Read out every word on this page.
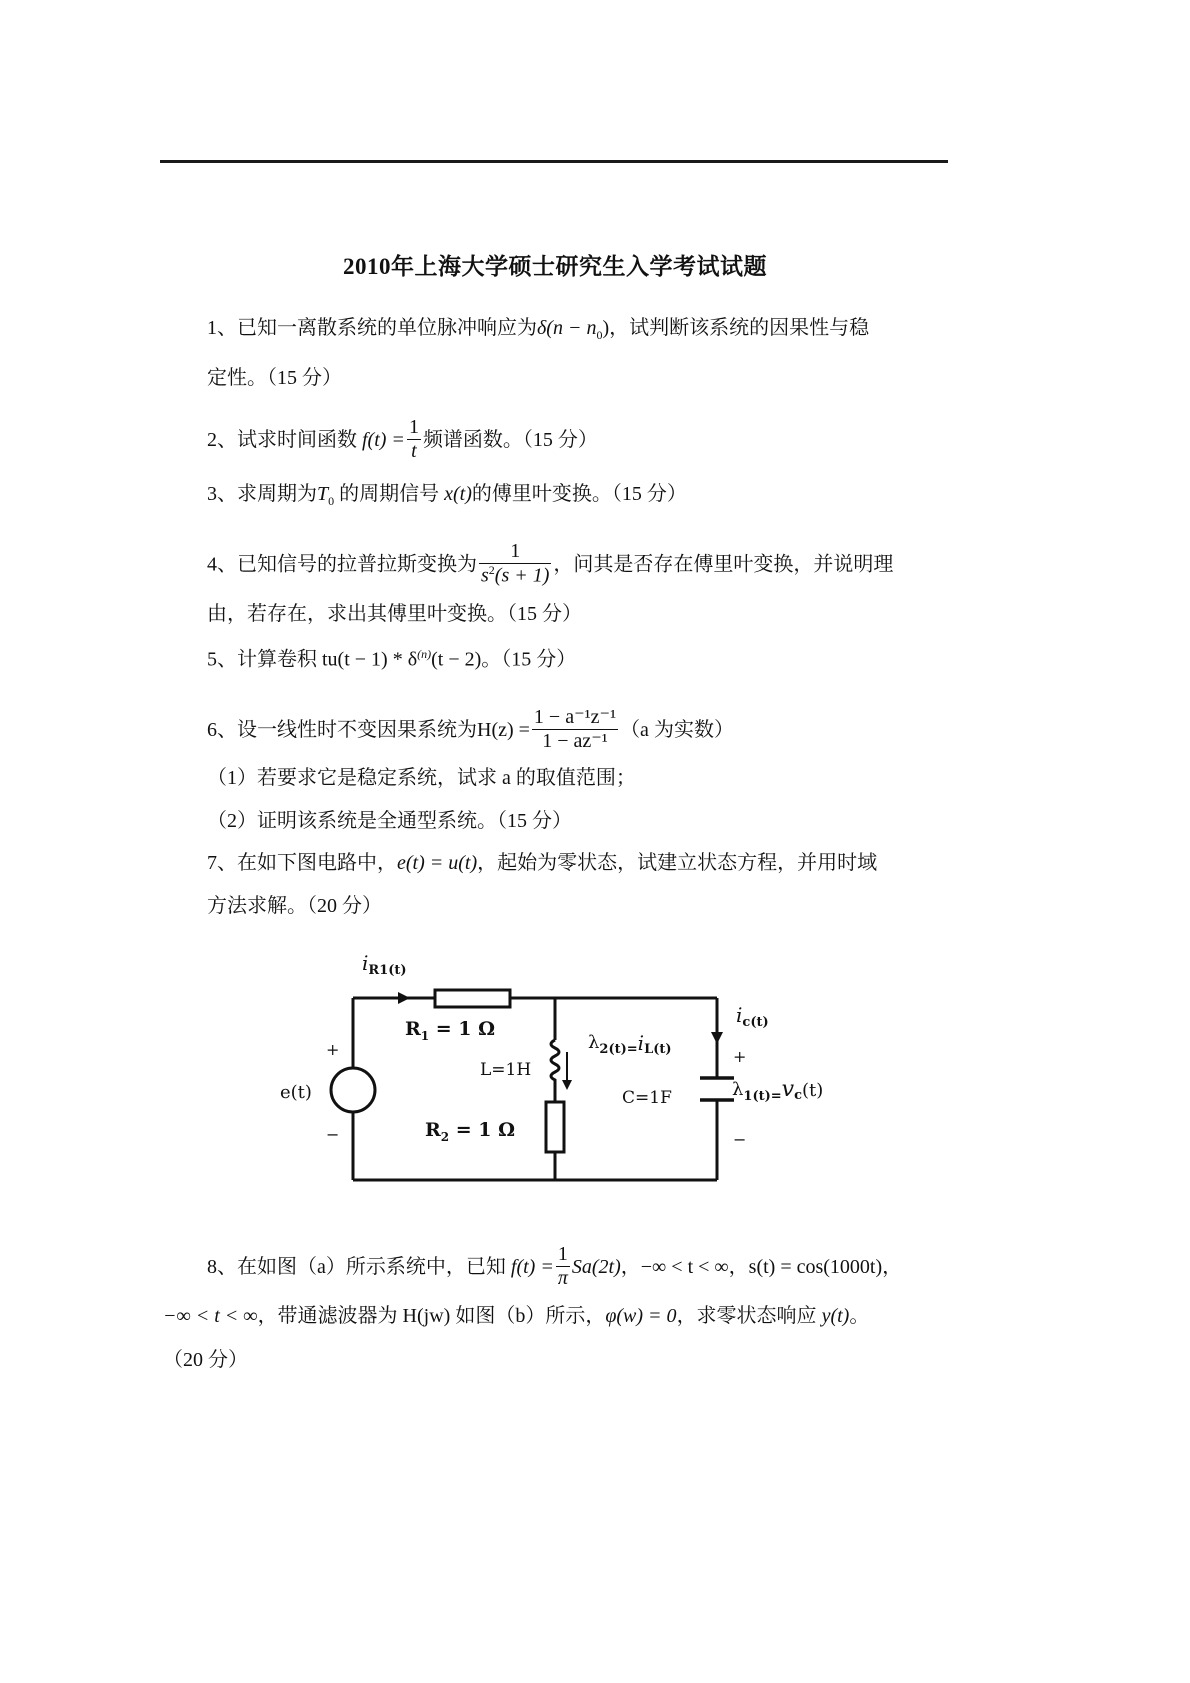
2010年上海大学硕士研究生入学考试试题
1、已知一离散系统的单位脉冲响应为$\delta(n - n_0)$，试判断该系统的因果性与稳
定性。（15 分）
2、试求时间函数 $f(t) = \frac{1}{t}$ 频谱函数。（15 分）
3、求周期为$T_0$ 的周期信号 x(t)的傅里叶变换。（15 分）
4、已知信号的拉普拉斯变换为 $\frac{1}{s^2(s + 1)}$ ，问其是否存在傅里叶变换，并说明理
由，若存在，求出其傅里叶变换。（15 分）
5、计算卷积 $tu(t - 1) * \delta^{(n)}(t - 2)$。（15 分）
6、设一线性时不变因果系统为$H(z) = \frac{\text{1 − a⁻¹z⁻¹}}{\text{1 − az⁻¹}} (a$ 为实数）
（1）若要求它是稳定系统，试求 a 的取值范围；
（2）证明该系统是全通型系统。（15 分）
7、在如下图电路中，e(t) = u(t)，起始为零状态，试建立状态方程，并用时域
方法求解。（20 分）
$i_{R1(t)}$
$R_1 = 1$ Ω
$R_2 = 1$ Ω
L=1H
C=1F
e(t)
+
−
+
−
$\lambda_{2(t)=}iL(t)$
$i_{c(t)}$
$\lambda_{1(t)=}vc(t)$
8、在如图（a）所示系统中，已知 $f(t) = \frac{1}{\pi} Sa(2t)$，−∞ < t < ∞，s(t) = cos(1000t)，
−∞ < t < ∞，带通滤波器为 H(jw) 如图（b）所示，φ(w) = 0，求零状态响应 y(t)。
（20 分）
